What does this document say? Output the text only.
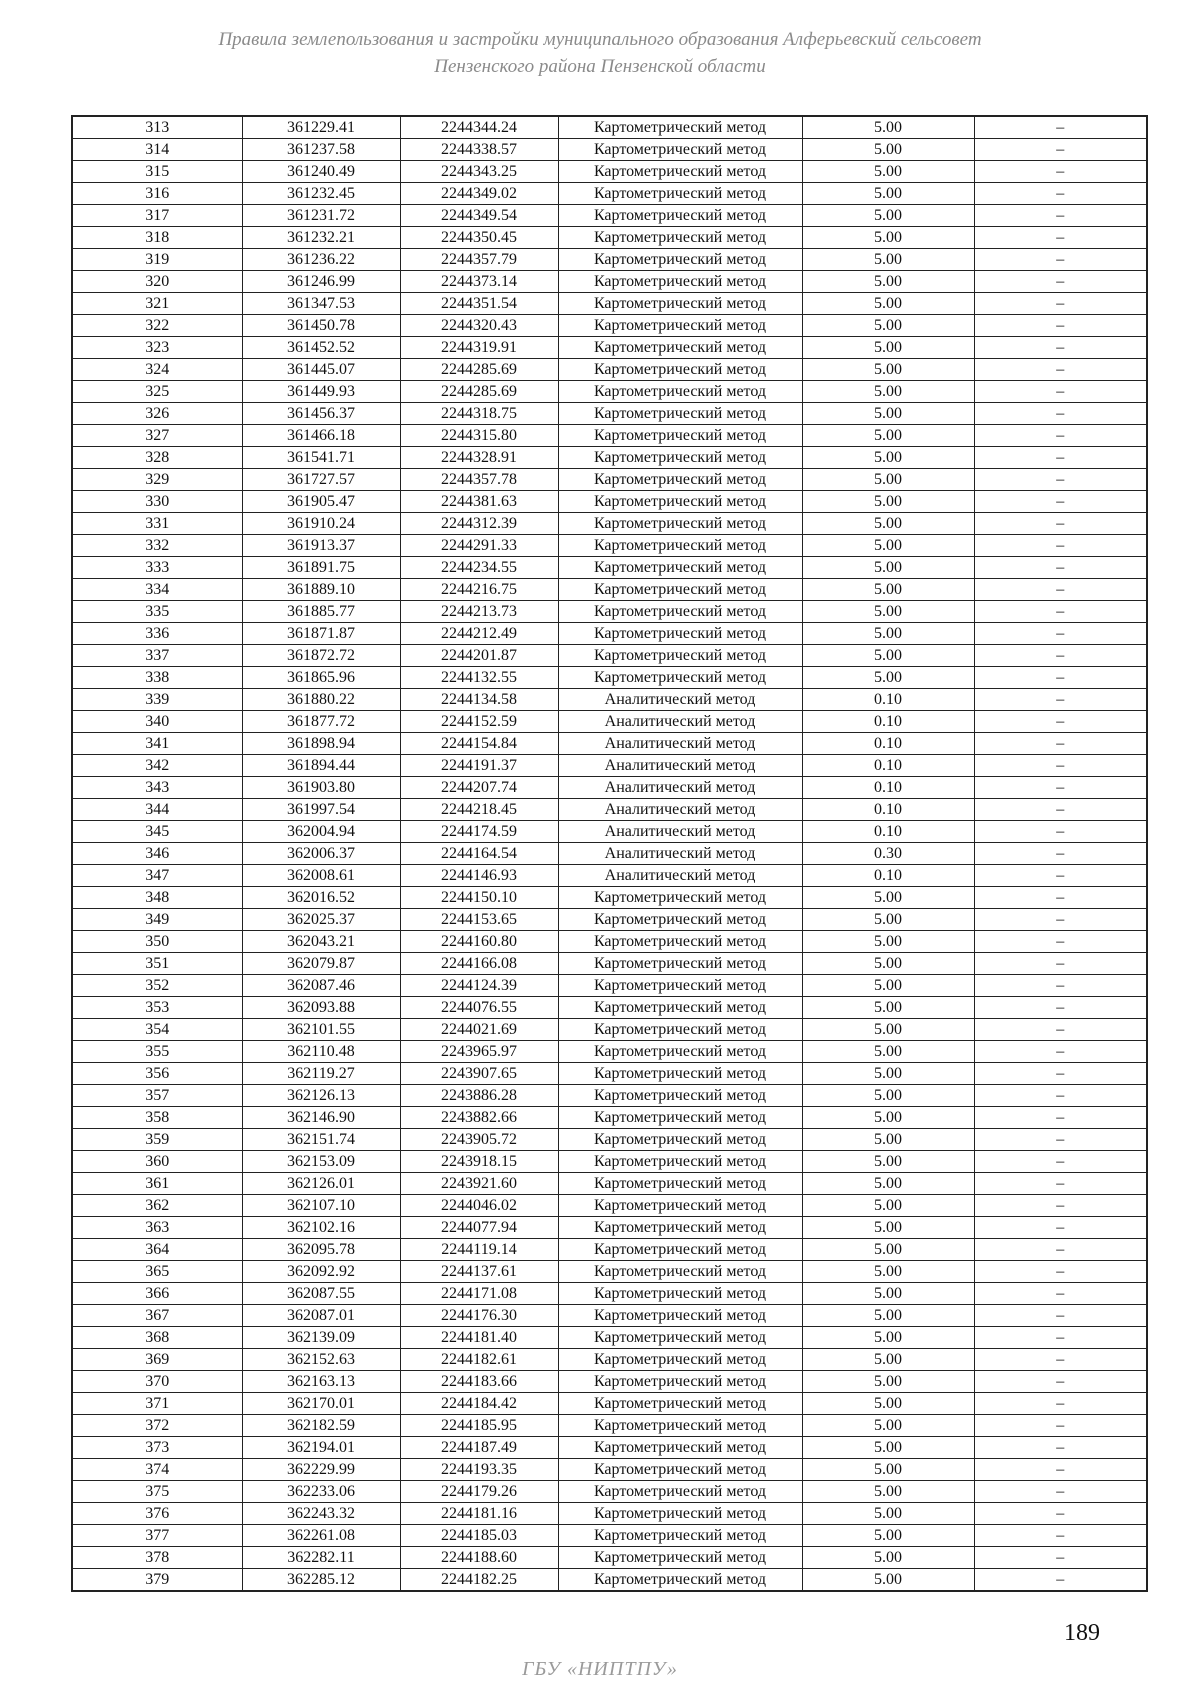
Правила землепользования и застройки муниципального образования Алферьевский сельсовет
Пензенского района Пензенской области
313	361229.41	2244344.24	Картометрический метод	5.00	–
314	361237.58	2244338.57	Картометрический метод	5.00	–
315	361240.49	2244343.25	Картометрический метод	5.00	–
316	361232.45	2244349.02	Картометрический метод	5.00	–
317	361231.72	2244349.54	Картометрический метод	5.00	–
318	361232.21	2244350.45	Картометрический метод	5.00	–
319	361236.22	2244357.79	Картометрический метод	5.00	–
320	361246.99	2244373.14	Картометрический метод	5.00	–
321	361347.53	2244351.54	Картометрический метод	5.00	–
322	361450.78	2244320.43	Картометрический метод	5.00	–
323	361452.52	2244319.91	Картометрический метод	5.00	–
324	361445.07	2244285.69	Картометрический метод	5.00	–
325	361449.93	2244285.69	Картометрический метод	5.00	–
326	361456.37	2244318.75	Картометрический метод	5.00	–
327	361466.18	2244315.80	Картометрический метод	5.00	–
328	361541.71	2244328.91	Картометрический метод	5.00	–
329	361727.57	2244357.78	Картометрический метод	5.00	–
330	361905.47	2244381.63	Картометрический метод	5.00	–
331	361910.24	2244312.39	Картометрический метод	5.00	–
332	361913.37	2244291.33	Картометрический метод	5.00	–
333	361891.75	2244234.55	Картометрический метод	5.00	–
334	361889.10	2244216.75	Картометрический метод	5.00	–
335	361885.77	2244213.73	Картометрический метод	5.00	–
336	361871.87	2244212.49	Картометрический метод	5.00	–
337	361872.72	2244201.87	Картометрический метод	5.00	–
338	361865.96	2244132.55	Картометрический метод	5.00	–
339	361880.22	2244134.58	Аналитический метод	0.10	–
340	361877.72	2244152.59	Аналитический метод	0.10	–
341	361898.94	2244154.84	Аналитический метод	0.10	–
342	361894.44	2244191.37	Аналитический метод	0.10	–
343	361903.80	2244207.74	Аналитический метод	0.10	–
344	361997.54	2244218.45	Аналитический метод	0.10	–
345	362004.94	2244174.59	Аналитический метод	0.10	–
346	362006.37	2244164.54	Аналитический метод	0.30	–
347	362008.61	2244146.93	Аналитический метод	0.10	–
348	362016.52	2244150.10	Картометрический метод	5.00	–
349	362025.37	2244153.65	Картометрический метод	5.00	–
350	362043.21	2244160.80	Картометрический метод	5.00	–
351	362079.87	2244166.08	Картометрический метод	5.00	–
352	362087.46	2244124.39	Картометрический метод	5.00	–
353	362093.88	2244076.55	Картометрический метод	5.00	–
354	362101.55	2244021.69	Картометрический метод	5.00	–
355	362110.48	2243965.97	Картометрический метод	5.00	–
356	362119.27	2243907.65	Картометрический метод	5.00	–
357	362126.13	2243886.28	Картометрический метод	5.00	–
358	362146.90	2243882.66	Картометрический метод	5.00	–
359	362151.74	2243905.72	Картометрический метод	5.00	–
360	362153.09	2243918.15	Картометрический метод	5.00	–
361	362126.01	2243921.60	Картометрический метод	5.00	–
362	362107.10	2244046.02	Картометрический метод	5.00	–
363	362102.16	2244077.94	Картометрический метод	5.00	–
364	362095.78	2244119.14	Картометрический метод	5.00	–
365	362092.92	2244137.61	Картометрический метод	5.00	–
366	362087.55	2244171.08	Картометрический метод	5.00	–
367	362087.01	2244176.30	Картометрический метод	5.00	–
368	362139.09	2244181.40	Картометрический метод	5.00	–
369	362152.63	2244182.61	Картометрический метод	5.00	–
370	362163.13	2244183.66	Картометрический метод	5.00	–
371	362170.01	2244184.42	Картометрический метод	5.00	–
372	362182.59	2244185.95	Картометрический метод	5.00	–
373	362194.01	2244187.49	Картометрический метод	5.00	–
374	362229.99	2244193.35	Картометрический метод	5.00	–
375	362233.06	2244179.26	Картометрический метод	5.00	–
376	362243.32	2244181.16	Картометрический метод	5.00	–
377	362261.08	2244185.03	Картометрический метод	5.00	–
378	362282.11	2244188.60	Картометрический метод	5.00	–
379	362285.12	2244182.25	Картометрический метод	5.00	–
189
ГБУ «НИПТПУ»
